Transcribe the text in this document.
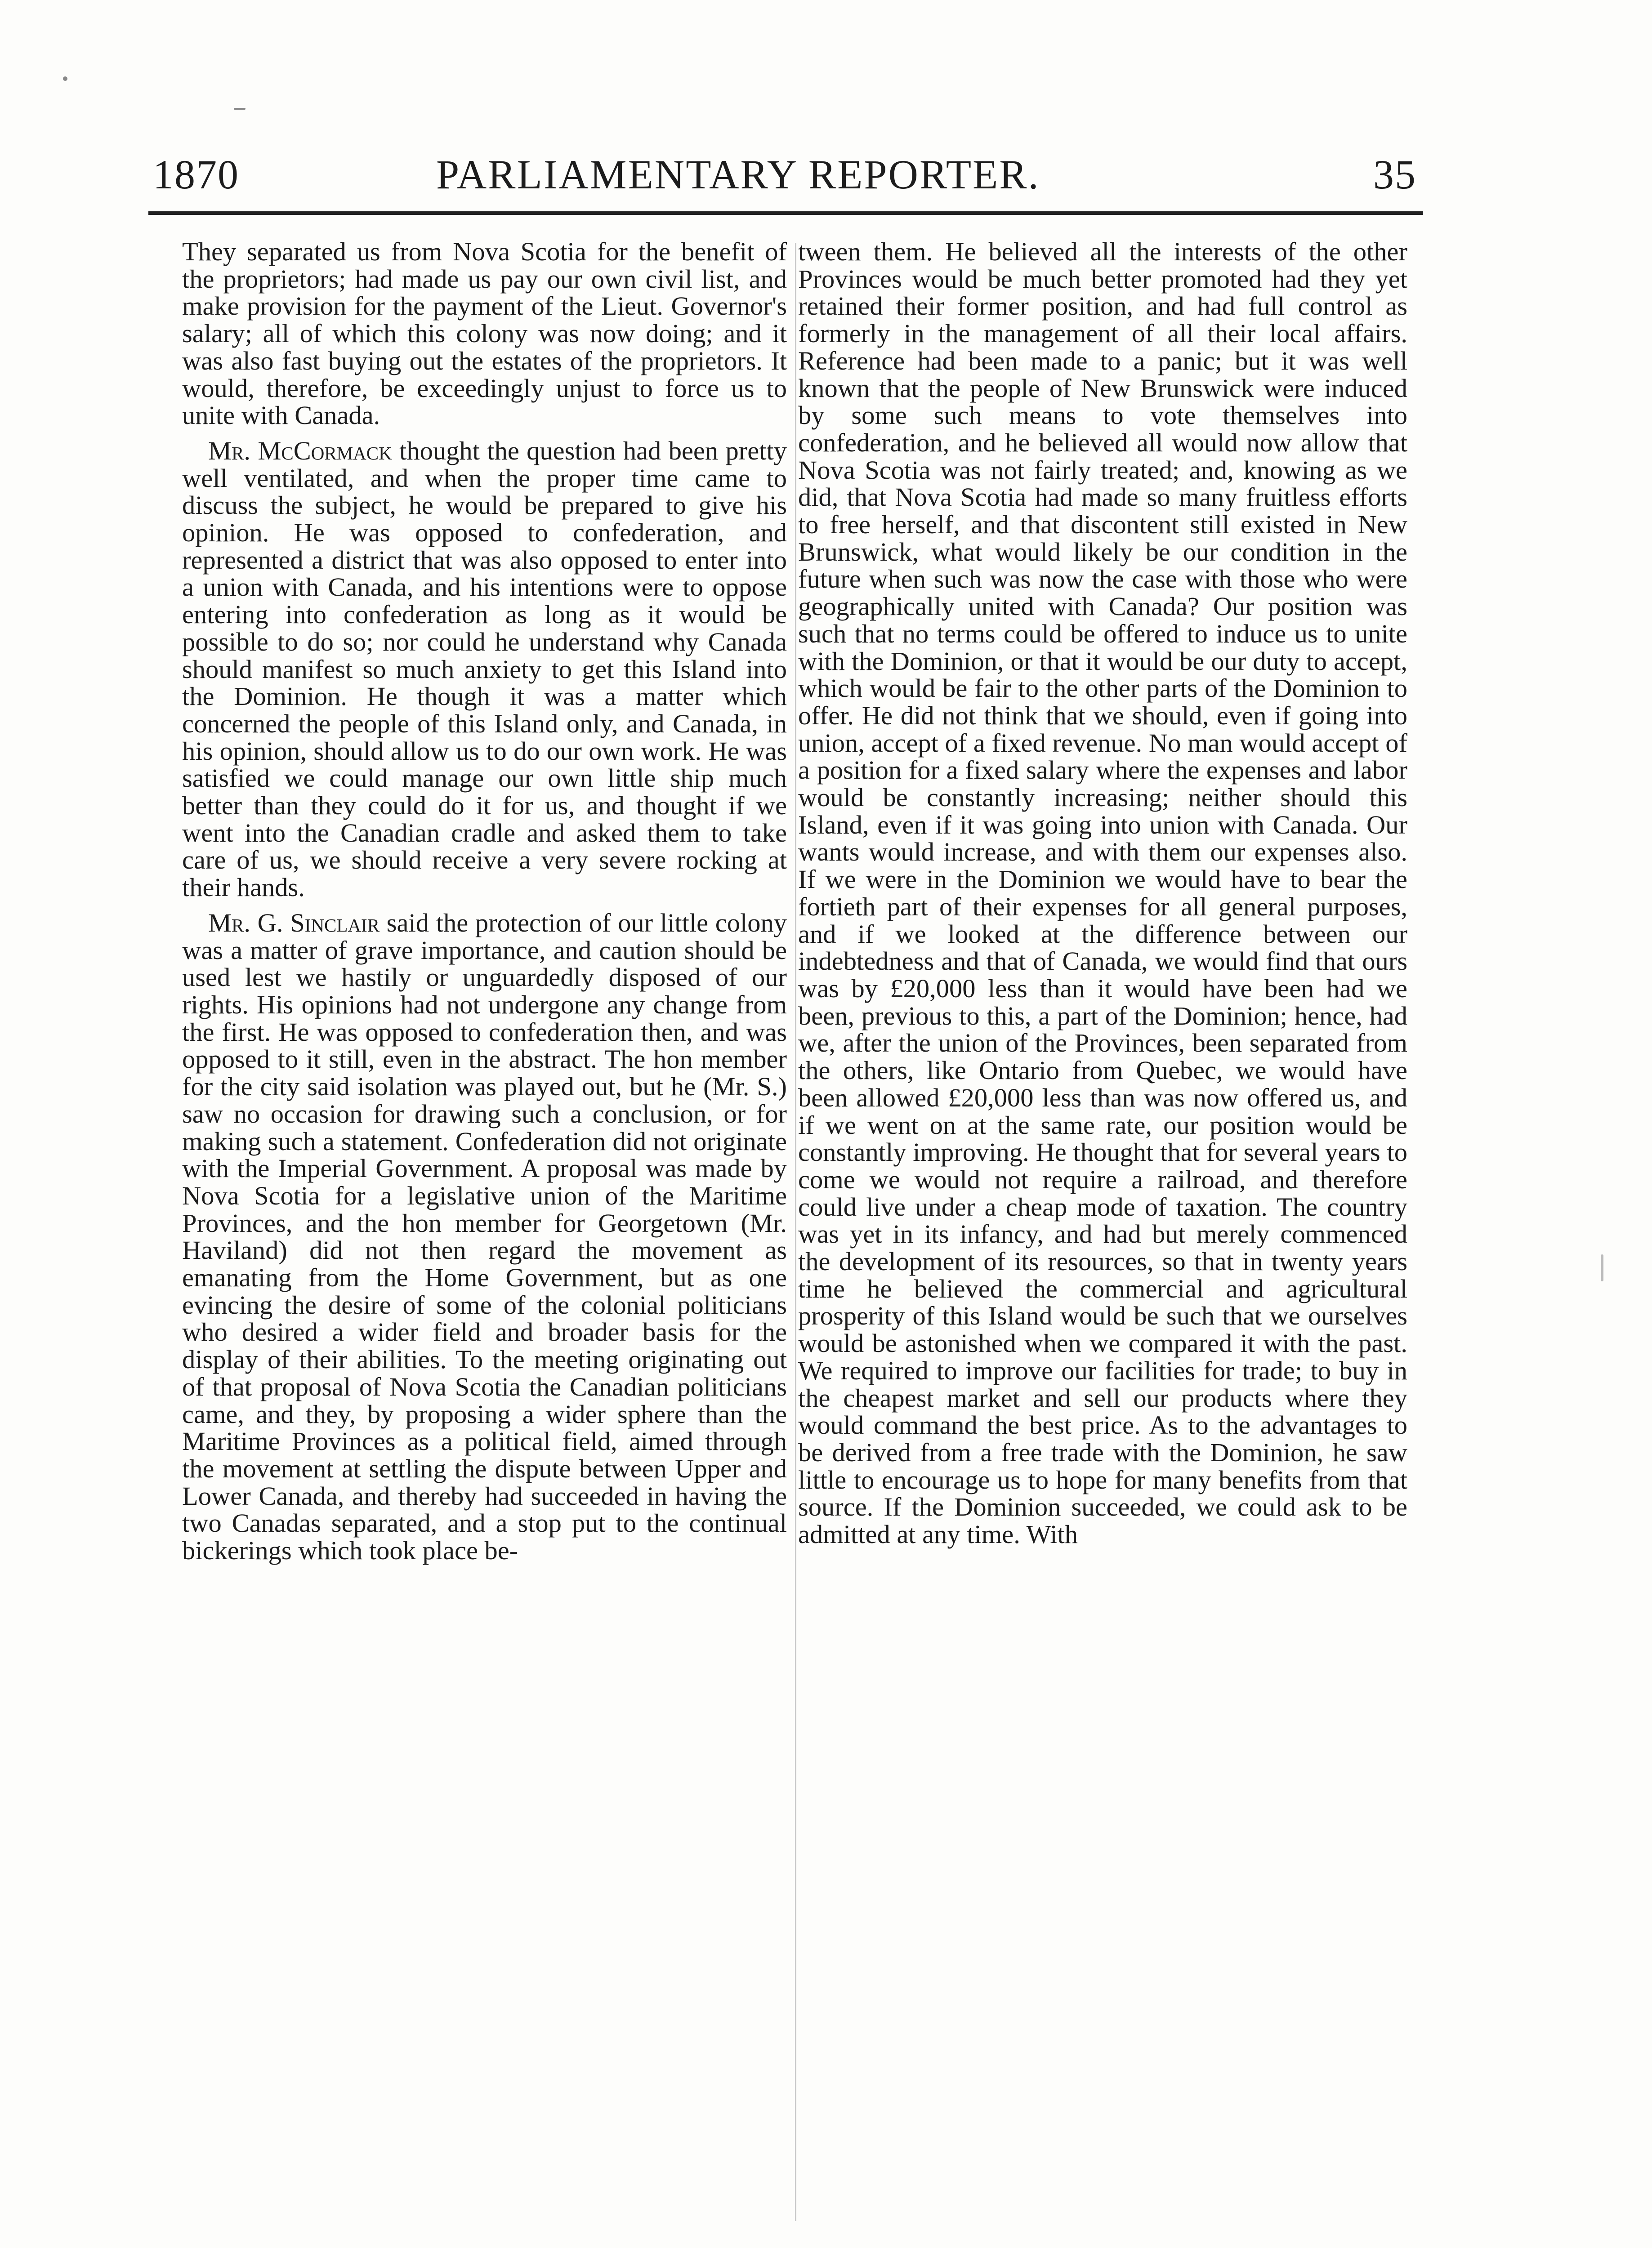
1870	PARLIAMENTARY REPORTER.	35

They separated us from Nova Scotia for the benefit of the proprietors; had made us pay our own civil list, and make provision for the payment of the Lieut. Governor's salary; all of which this colony was now doing; and it was also fast buying out the estates of the proprietors. It would, therefore, be exceedingly unjust to force us to unite with Canada.

Mr. McCormack thought the question had been pretty well ventilated, and when the proper time came to discuss the subject, he would be prepared to give his opinion. He was opposed to confederation, and represented a district that was also opposed to enter into a union with Canada, and his intentions were to oppose entering into confederation as long as it would be possible to do so; nor could he understand why Canada should manifest so much anxiety to get this Island into the Dominion. He though it was a matter which concerned the people of this Island only, and Canada, in his opinion, should allow us to do our own work. He was satisfied we could manage our own little ship much better than they could do it for us, and thought if we went into the Canadian cradle and asked them to take care of us, we should receive a very severe rocking at their hands.

Mr. G. Sinclair said the protection of our little colony was a matter of grave importance, and caution should be used lest we hastily or unguardedly disposed of our rights. His opinions had not undergone any change from the first. He was opposed to confederation then, and was opposed to it still, even in the abstract. The hon member for the city said isolation was played out, but he (Mr. S.) saw no occasion for drawing such a conclusion, or for making such a statement. Confederation did not originate with the Imperial Government. A proposal was made by Nova Scotia for a legislative union of the Maritime Provinces, and the hon member for Georgetown (Mr. Haviland) did not then regard the movement as emanating from the Home Government, but as one evincing the desire of some of the colonial politicians who desired a wider field and broader basis for the display of their abilities. To the meeting originating out of that proposal of Nova Scotia the Canadian politicians came, and they, by proposing a wider sphere than the Maritime Provinces as a political field, aimed through the movement at settling the dispute between Upper and Lower Canada, and thereby had succeeded in having the two Canadas separated, and a stop put to the continual bickerings which took place be-

tween them. He believed all the interests of the other Provinces would be much better promoted had they yet retained their former position, and had full control as formerly in the management of all their local affairs. Reference had been made to a panic; but it was well known that the people of New Brunswick were induced by some such means to vote themselves into confederation, and he believed all would now allow that Nova Scotia was not fairly treated; and, knowing as we did, that Nova Scotia had made so many fruitless efforts to free herself, and that discontent still existed in New Brunswick, what would likely be our condition in the future when such was now the case with those who were geographically united with Canada? Our position was such that no terms could be offered to induce us to unite with the Dominion, or that it would be our duty to accept, which would be fair to the other parts of the Dominion to offer. He did not think that we should, even if going into union, accept of a fixed revenue. No man would accept of a position for a fixed salary where the expenses and labor would be constantly increasing; neither should this Island, even if it was going into union with Canada. Our wants would increase, and with them our expenses also. If we were in the Dominion we would have to bear the fortieth part of their expenses for all general purposes, and if we looked at the difference between our indebtedness and that of Canada, we would find that ours was by £20,000 less than it would have been had we been, previous to this, a part of the Dominion; hence, had we, after the union of the Provinces, been separated from the others, like Ontario from Quebec, we would have been allowed £20,000 less than was now offered us, and if we went on at the same rate, our position would be constantly improving. He thought that for several years to come we would not require a railroad, and therefore could live under a cheap mode of taxation. The country was yet in its infancy, and had but merely commenced the development of its resources, so that in twenty years time he believed the commercial and agricultural prosperity of this Island would be such that we ourselves would be astonished when we compared it with the past. We required to improve our facilities for trade; to buy in the cheapest market and sell our products where they would command the best price. As to the advantages to be derived from a free trade with the Dominion, he saw little to encourage us to hope for many benefits from that source. If the Dominion succeeded, we could ask to be admitted at any time. With
